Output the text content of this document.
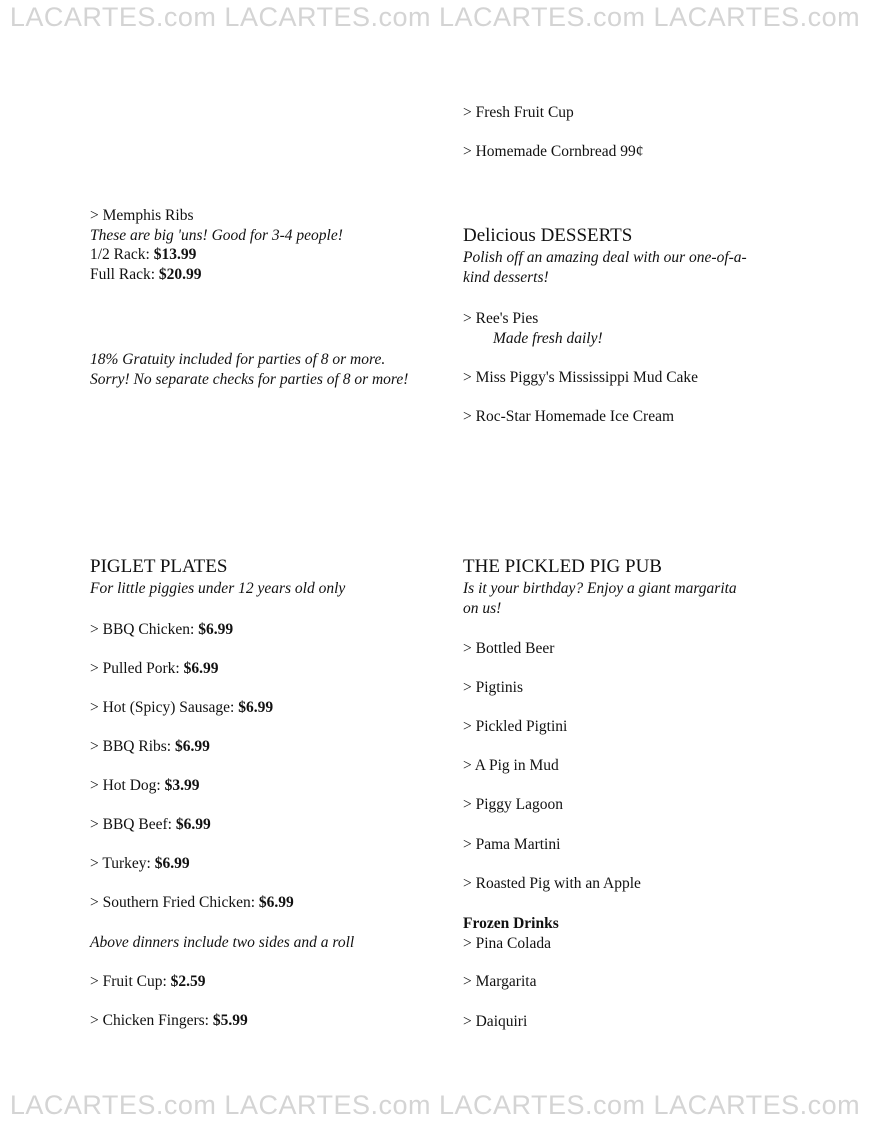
LACARTES.com LACARTES.com LACARTES.com LACARTES.com
LACARTES.com LACARTES.com LACARTES.com LACARTES.com
> Fresh Fruit Cup
> Homemade Cornbread 99¢
> Memphis Ribs
These are big 'uns! Good for 3-4 people!
1/2 Rack: $13.99
Full Rack: $20.99
18% Gratuity included for parties of 8 or more.
Sorry! No separate checks for parties of 8 or more!
Delicious DESSERTS
Polish off an amazing deal with our one-of-a-
kind desserts!
> Ree's Pies
Made fresh daily!
> Miss Piggy's Mississippi Mud Cake
> Roc-Star Homemade Ice Cream
PIGLET PLATES
For little piggies under 12 years old only
> BBQ Chicken: $6.99
> Pulled Pork: $6.99
> Hot (Spicy) Sausage: $6.99
> BBQ Ribs: $6.99
> Hot Dog: $3.99
> BBQ Beef: $6.99
> Turkey: $6.99
> Southern Fried Chicken: $6.99
Above dinners include two sides and a roll
> Fruit Cup: $2.59
> Chicken Fingers: $5.99
THE PICKLED PIG PUB
Is it your birthday? Enjoy a giant margarita
on us!
> Bottled Beer
> Pigtinis
> Pickled Pigtini
> A Pig in Mud
> Piggy Lagoon
> Pama Martini
> Roasted Pig with an Apple
Frozen Drinks
> Pina Colada
> Margarita
> Daiquiri
